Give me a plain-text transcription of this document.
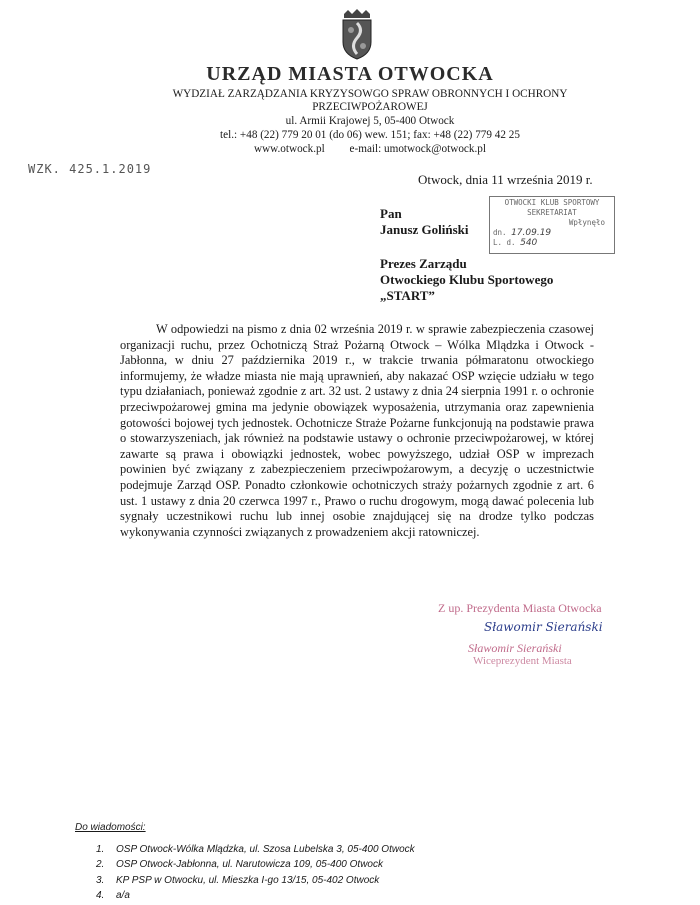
URZĄD MIASTA OTWOCKA
WYDZIAŁ ZARZĄDZANIA KRYZYSOWGO SPRAW OBRONNYCH I OCHRONY
PRZECIWPOŻAROWEJ
ul. Armii Krajowej 5, 05-400 Otwock
tel.: +48 (22) 779 20 01 (do 06) wew. 151; fax: +48 (22) 779 42 25
www.otwock.pl e-mail: umotwock@otwock.pl
WZK. 425.1.2019
Otwock, dnia 11 września 2019 r.
Pan
Janusz Goliński
Prezes Zarządu
Otwockiego Klubu Sportowego
„START”
OTWOCKI KLUB SPORTOWY
SEKRETARIAT
Wpłynęło
dn. 17.09.19
L. d. 540
W odpowiedzi na pismo z dnia 02 września 2019 r. w sprawie zabezpieczenia czasowej organizacji ruchu, przez Ochotniczą Straż Pożarną Otwock – Wólka Mlądzka i Otwock - Jabłonna, w dniu 27 października 2019 r., w trakcie trwania półmaratonu otwockiego informujemy, że władze miasta nie mają uprawnień, aby nakazać OSP wzięcie udziału w tego typu działaniach, ponieważ zgodnie z art. 32 ust. 2 ustawy z dnia 24 sierpnia 1991 r. o ochronie przeciwpożarowej gmina ma jedynie obowiązek wyposażenia, utrzymania oraz zapewnienia gotowości bojowej tych jednostek. Ochotnicze Straże Pożarne funkcjonują na podstawie prawa o stowarzyszeniach, jak również na podstawie ustawy o ochronie przeciwpożarowej, w której zawarte są prawa i obowiązki jednostek, wobec powyższego, udział OSP w imprezach powinien być związany z zabezpieczeniem przeciwpożarowym, a decyzję o uczestnictwie podejmuje Zarząd OSP. Ponadto członkowie ochotniczych straży pożarnych zgodnie z art. 6 ust. 1 ustawy z dnia 20 czerwca 1997 r., Prawo o ruchu drogowym, mogą dawać polecenia lub sygnały uczestnikowi ruchu lub innej osobie znajdującej się na drodze tylko podczas wykonywania czynności związanych z prowadzeniem akcji ratowniczej.
Z up. Prezydenta Miasta Otwocka
Sławomir Sierański
Sławomir Sierański
Wiceprezydent Miasta
Do wiadomości:
1.	OSP Otwock-Wólka Mlądzka, ul. Szosa Lubelska 3, 05-400 Otwock
2.	OSP Otwock-Jabłonna, ul. Narutowicza 109, 05-400 Otwock
3.	KP PSP w Otwocku, ul. Mieszka I-go 13/15, 05-402 Otwock
4.	a/a
